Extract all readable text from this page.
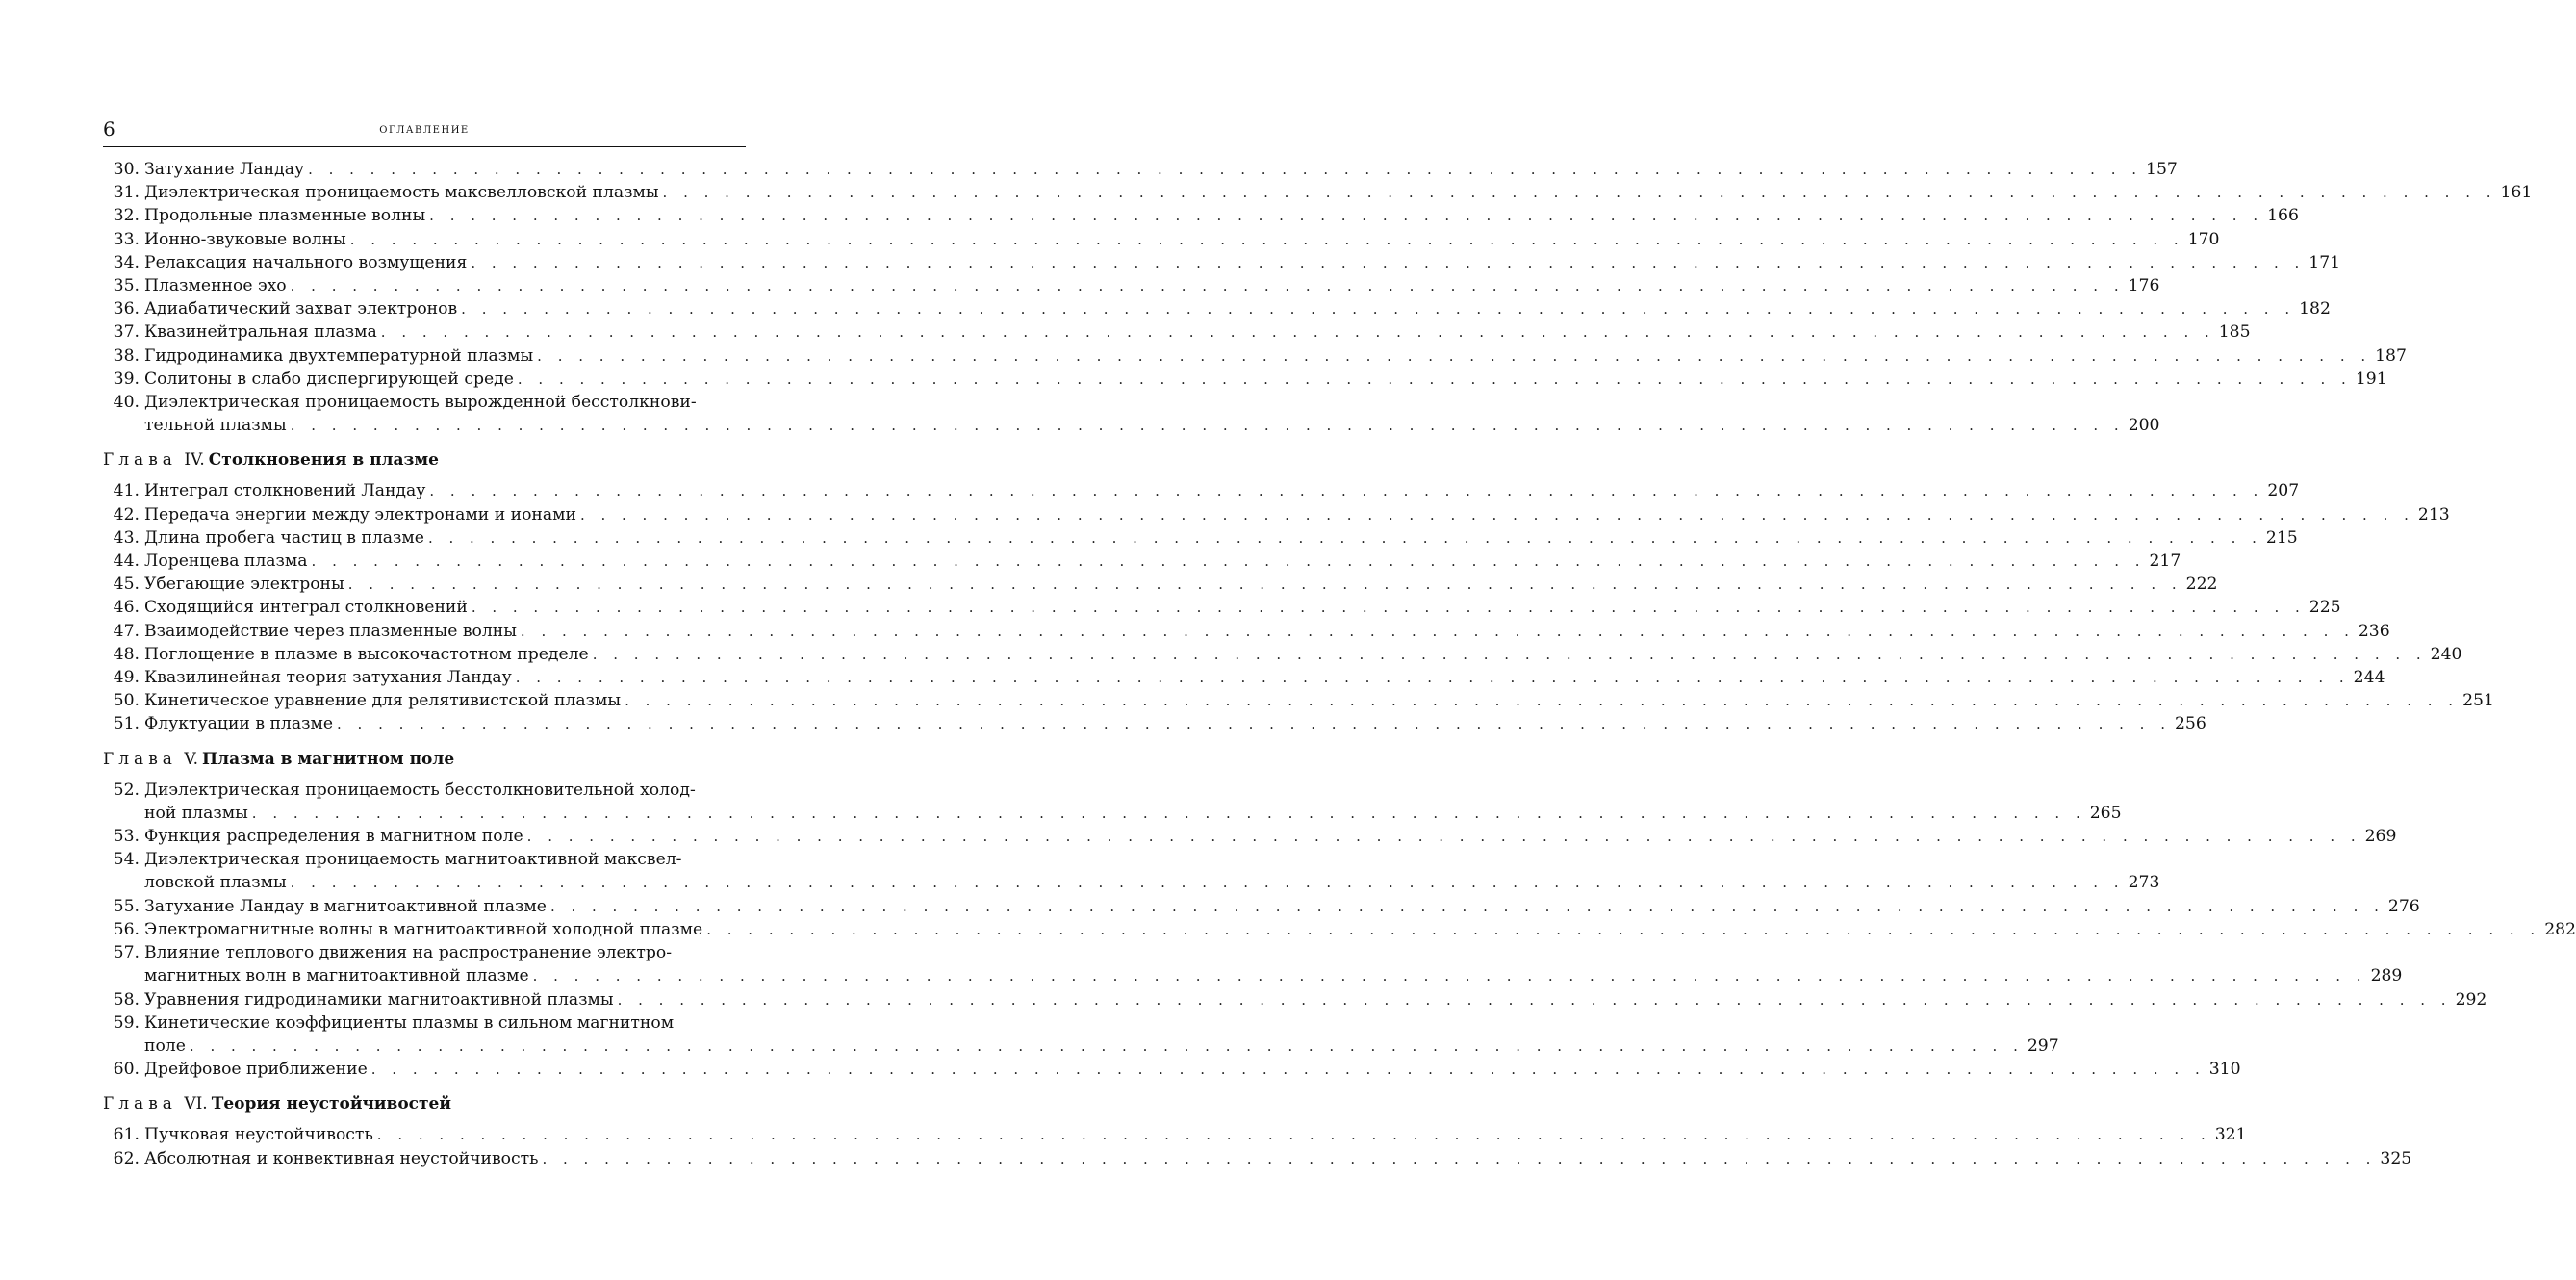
6	оглавление
30. Затухание Ландау . . .	157
31. Диэлектрическая проницаемость максвелловской плазмы . . .	161
32. Продольные плазменные волны . . .	166
33. Ионно-звуковые волны . . .	170
34. Релаксация начального возмущения . . .	171
35. Плазменное эхо . . .	176
36. Адиабатический захват электронов . . .	182
37. Квазинейтральная плазма . . .	185
38. Гидродинамика двухтемпературной плазмы . . .	187
39. Солитоны в слабо диспергирующей среде . . .	191
40. Диэлектрическая проницаемость вырожденной бесстолкнови-
тельной плазмы . . .	200
Глава IV. Столкновения в плазме
41. Интеграл столкновений Ландау . . .	207
42. Передача энергии между электронами и ионами . . .	213
43. Длина пробега частиц в плазме . . .	215
44. Лоренцева плазма . . .	217
45. Убегающие электроны . . .	222
46. Сходящийся интеграл столкновений . . .	225
47. Взаимодействие через плазменные волны . . .	236
48. Поглощение в плазме в высокочастотном пределе . . .	240
49. Квазилинейная теория затухания Ландау . . .	244
50. Кинетическое уравнение для релятивистской плазмы . . .	251
51. Флуктуации в плазме . . .	256
Глава V. Плазма в магнитном поле
52. Диэлектрическая проницаемость бесстолкновительной холод-
ной плазмы . . .	265
53. Функция распределения в магнитном поле . . .	269
54. Диэлектрическая проницаемость магнитоактивной максвел-
ловской плазмы . . .	273
55. Затухание Ландау в магнитоактивной плазме . . .	276
56. Электромагнитные волны в магнитоактивной холодной плазме . . .	282
57. Влияние теплового движения на распространение электро-
магнитных волн в магнитоактивной плазме . . .	289
58. Уравнения гидродинамики магнитоактивной плазмы . . .	292
59. Кинетические коэффициенты плазмы в сильном магнитном
поле . . .	297
60. Дрейфовое приближение . . .	310
Глава VI. Теория неустойчивостей
61. Пучковая неустойчивость . . .	321
62. Абсолютная и конвективная неустойчивость . . .	325
